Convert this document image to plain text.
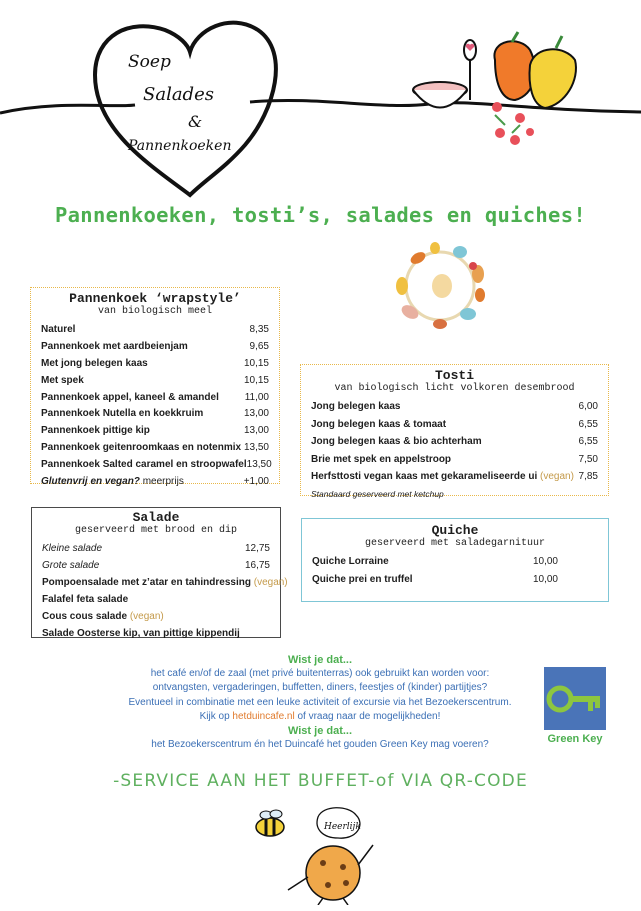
Soep
Salades
&
Pannenkoeken
Pannenkoeken, tosti’s, salades en quiches!
Pannenkoek ‘wrapstyle’
van biologisch meel
Naturel	8,35
Pannenkoek met aardbeienjam	9,65
Met jong belegen kaas	10,15
Met spek	10,15
Pannenkoek appel, kaneel & amandel	11,00
Pannenkoek Nutella en koekkruim	13,00
Pannenkoek pittige kip	13,00
Pannenkoek geitenroomkaas en notenmix 13,50
Pannenkoek Salted caramel en stroopwafel 13,50
Glutenvrij en vegan? meerprijs	+1,00
Tosti
van biologisch licht volkoren desembrood
Jong belegen kaas	6,00
Jong belegen kaas & tomaat	6,55
Jong belegen kaas & bio achterham	6,55
Brie met spek en appelstroop	7,50
Herfsttosti vegan kaas met gekarameliseerde ui (vegan) 7,85
Standaard geserveerd met ketchup
Salade
geserveerd met brood en dip
Kleine salade	12,75
Grote salade	16,75
Pompoensalade met z’atar en tahindressing (vegan)
Falafel feta salade
Cous cous salade (vegan)
Salade Oosterse kip, van pittige kippendij
Quiche
geserveerd met saladegarnituur
Quiche Lorraine	10,00
Quiche prei en truffel	10,00
Wist je dat...
het café en/of de zaal (met privé buitenterras) ook gebruikt kan worden voor:
ontvangsten, vergaderingen, buffetten, diners, feestjes of (kinder) partijtjes?
Eventueel in combinatie met een leuke activiteit of excursie via het Bezoekerscentrum.
Kijk op hetduincafe.nl of vraag naar de mogelijkheden!
Wist je dat...
het Bezoekerscentrum én het Duincafé het gouden Green Key mag voeren?	Green Key
-SERVICE AAN HET BUFFET-of VIA QR-CODE
Heerlijk
